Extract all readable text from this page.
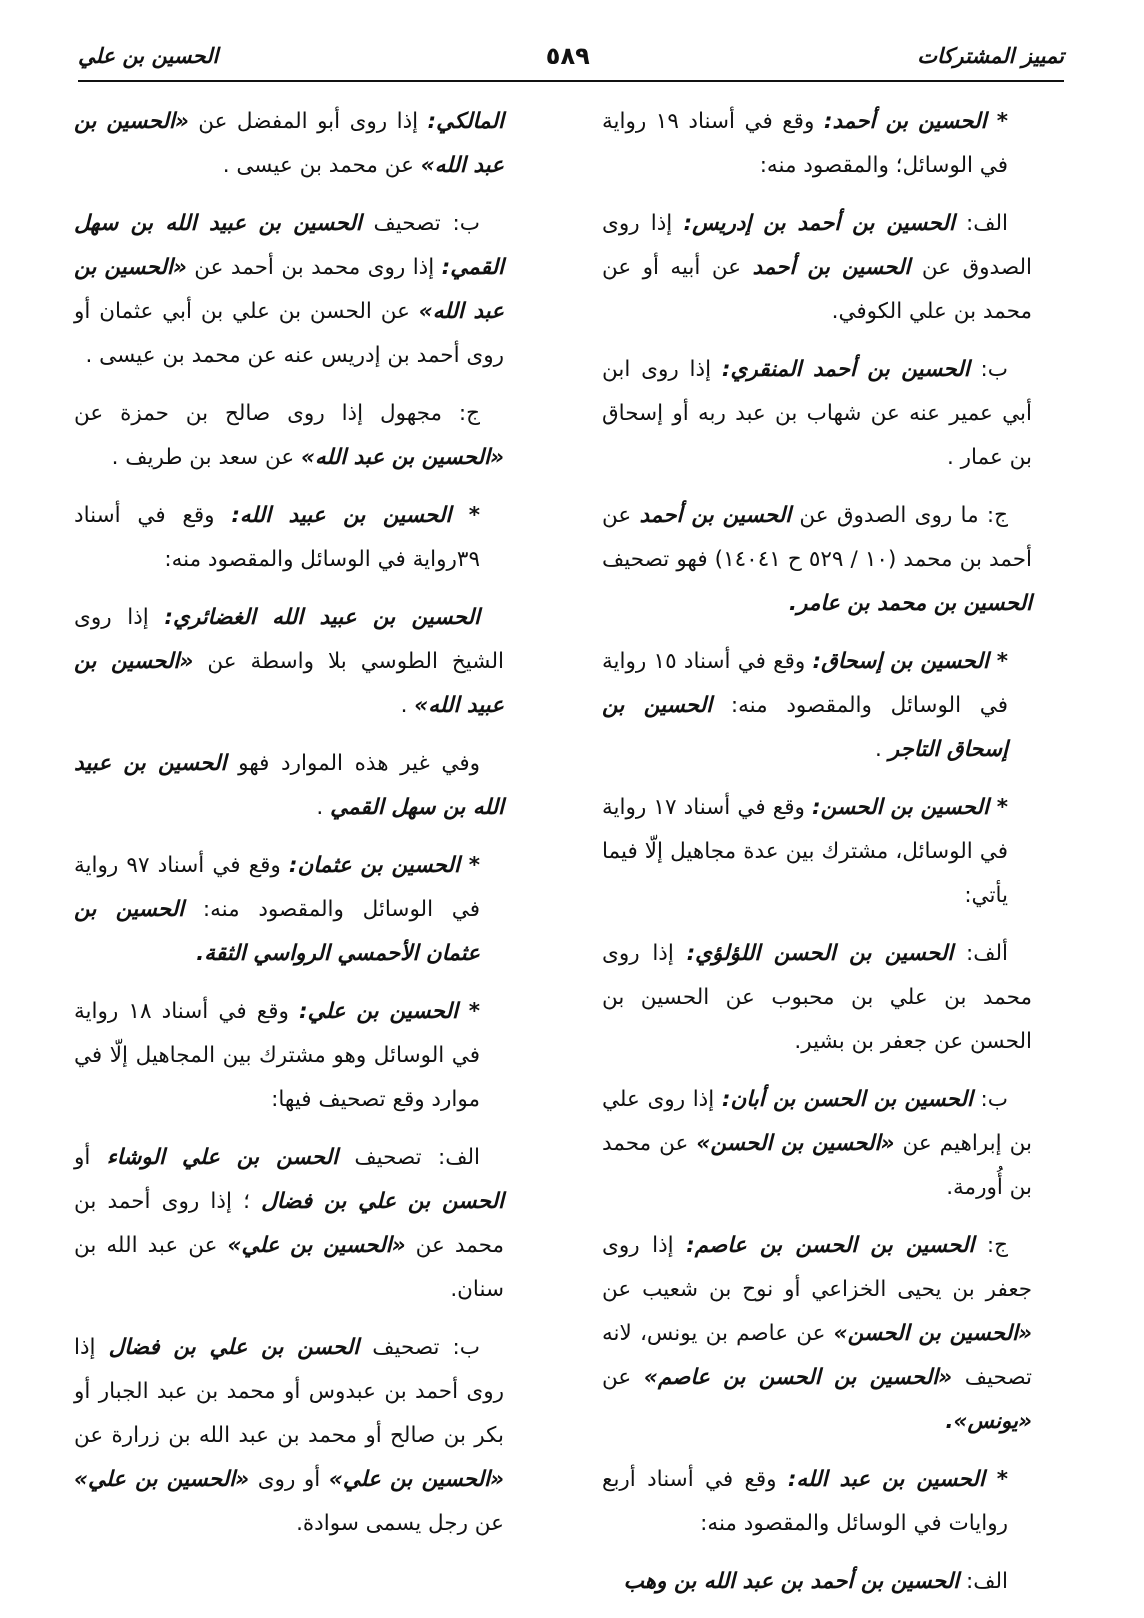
تمييز المشتركات
٥٨٩
الحسين بن علي

* الحسين بن أحمد: وقع في أسناد ١٩ رواية في الوسائل؛ والمقصود منه:

الف: الحسين بن أحمد بن إدريس: إذا روى الصدوق عن الحسين بن أحمد عن أبيه أو عن محمد بن علي الكوفي.

ب: الحسين بن أحمد المنقري: إذا روى ابن أبي عمير عنه عن شهاب بن عبد ربه أو إسحاق بن عمار .

ج: ما روى الصدوق عن الحسين بن أحمد عن أحمد بن محمد (١٠ / ٥٢٩ ح ١٤٠٤١) فهو تصحيف الحسين بن محمد بن عامر.

* الحسين بن إسحاق: وقع في أسناد ١٥ رواية في الوسائل والمقصود منه: الحسين بن إسحاق التاجر .

* الحسين بن الحسن: وقع في أسناد ١٧ رواية في الوسائل، مشترك بين عدة مجاهيل إلّا فيما يأتي:

ألف: الحسين بن الحسن اللؤلؤي: إذا روى محمد بن علي بن محبوب عن الحسين بن الحسن عن جعفر بن بشير.

ب: الحسين بن الحسن بن أبان: إذا روى علي بن إبراهيم عن «الحسين بن الحسن» عن محمد بن أُورمة.

ج: الحسين بن الحسن بن عاصم: إذا روى جعفر بن يحيى الخزاعي أو نوح بن شعيب عن «الحسين بن الحسن» عن عاصم بن يونس، لانه تصحيف «الحسين بن الحسن بن عاصم» عن «يونس».

* الحسين بن عبد الله: وقع في أسناد أربع روايات في الوسائل والمقصود منه:

الف: الحسين بن أحمد بن عبد الله بن وهب

المالكي: إذا روى أبو المفضل عن «الحسين بن عبد الله» عن محمد بن عيسى .

ب: تصحيف الحسين بن عبيد الله بن سهل القمي: إذا روى محمد بن أحمد عن «الحسين بن عبد الله» عن الحسن بن علي بن أبي عثمان أو روى أحمد بن إدريس عنه عن محمد بن عيسى .

ج: مجهول إذا روى صالح بن حمزة عن «الحسين بن عبد الله» عن سعد بن طريف .

* الحسين بن عبيد الله: وقع في أسناد ٣٩رواية في الوسائل والمقصود منه:

الحسين بن عبيد الله الغضائري: إذا روى الشيخ الطوسي بلا واسطة عن «الحسين بن عبيد الله» .

وفي غير هذه الموارد فهو الحسين بن عبيد الله بن سهل القمي .

* الحسين بن عثمان: وقع في أسناد ٩٧ رواية في الوسائل والمقصود منه: الحسين بن عثمان الأحمسي الرواسي الثقة.

* الحسين بن علي: وقع في أسناد ١٨ رواية في الوسائل وهو مشترك بين المجاهيل إلّا في موارد وقع تصحيف فيها:

الف: تصحيف الحسن بن علي الوشاء أو الحسن بن علي بن فضال ؛ إذا روى أحمد بن محمد عن «الحسين بن علي» عن عبد الله بن سنان.

ب: تصحيف الحسن بن علي بن فضال إذا روى أحمد بن عبدوس أو محمد بن عبد الجبار أو بكر بن صالح أو محمد بن عبد الله بن زرارة عن «الحسين بن علي» أو روى «الحسين بن علي» عن رجل يسمى سوادة.
